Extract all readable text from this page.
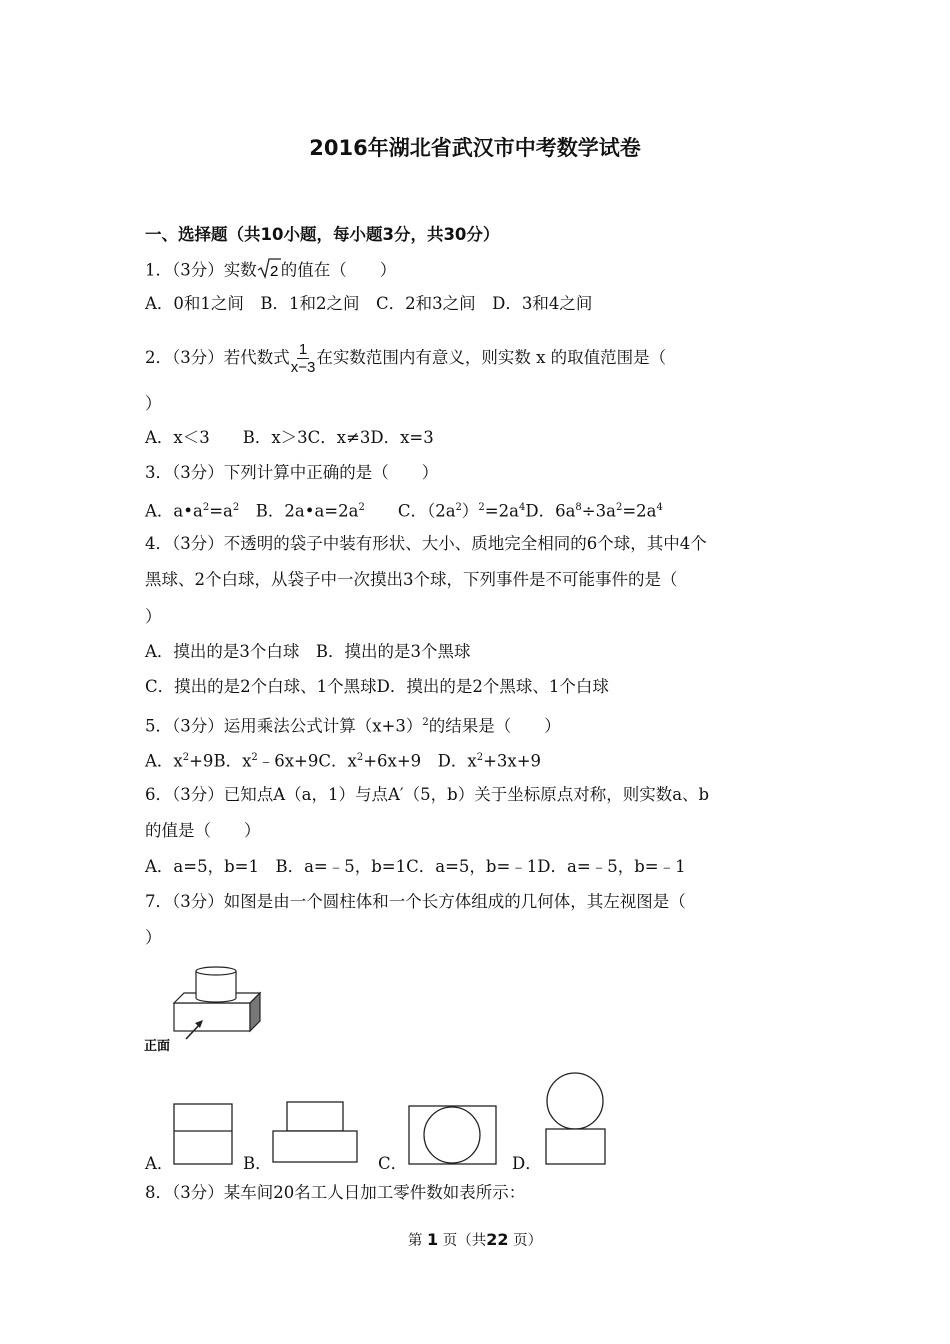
2016年湖北省武汉市中考数学试卷
一、选择题（共10小题，每小题3分，共30分）
1．（3分）实数 2 的值在（　　）
A．0和1之间　B．1和2之间　C．2和3之间　D．3和4之间
2．（3分）若代数式 $\frac{1}{x-3}$ 在实数范围内有意义，则实数 x 的取值范围是（
）
A．x＜3　　B．x＞3C．x≠3D．x=3
3．（3分）下列计算中正确的是（　　）
A．$a•a^2=a^2$　B．$2a•a=2a^2$　　C．$(2a^2)^2=2a^4D$．$6a^8\div 3a^2=2a^4$
4．（3分）不透明的袋子中装有形状、大小、质地完全相同的6个球，其中4个
黑球、2个白球，从袋子中一次摸出3个球，下列事件是不可能事件的是（
）
A．摸出的是3个白球　B．摸出的是3个黑球
C．摸出的是2个白球、1个黑球D．摸出的是2个黑球、1个白球
5．（3分）运用乘法公式计算$(x+3)^2$的结果是（　　）
A．$x^2+9B$．$x^2﹣6x+9C$．$x^2+6x+9$　 D．$x^2+3x+9$
6．（3分）已知点A（a，1）与点A′（5，b）关于坐标原点对称，则实数a、b
的值是（　　）
A．a=5，b=1　B．a=﹣5，b=1C．a=5，b=﹣1D．a=﹣5，b=﹣1
7．（3分）如图是由一个圆柱体和一个长方体组成的几何体，其左视图是（
）
正面
A．	B．	C．	D．
8．（3分）某车间20名工人日加工零件数如表所示：
第 1 页（共22 页）
